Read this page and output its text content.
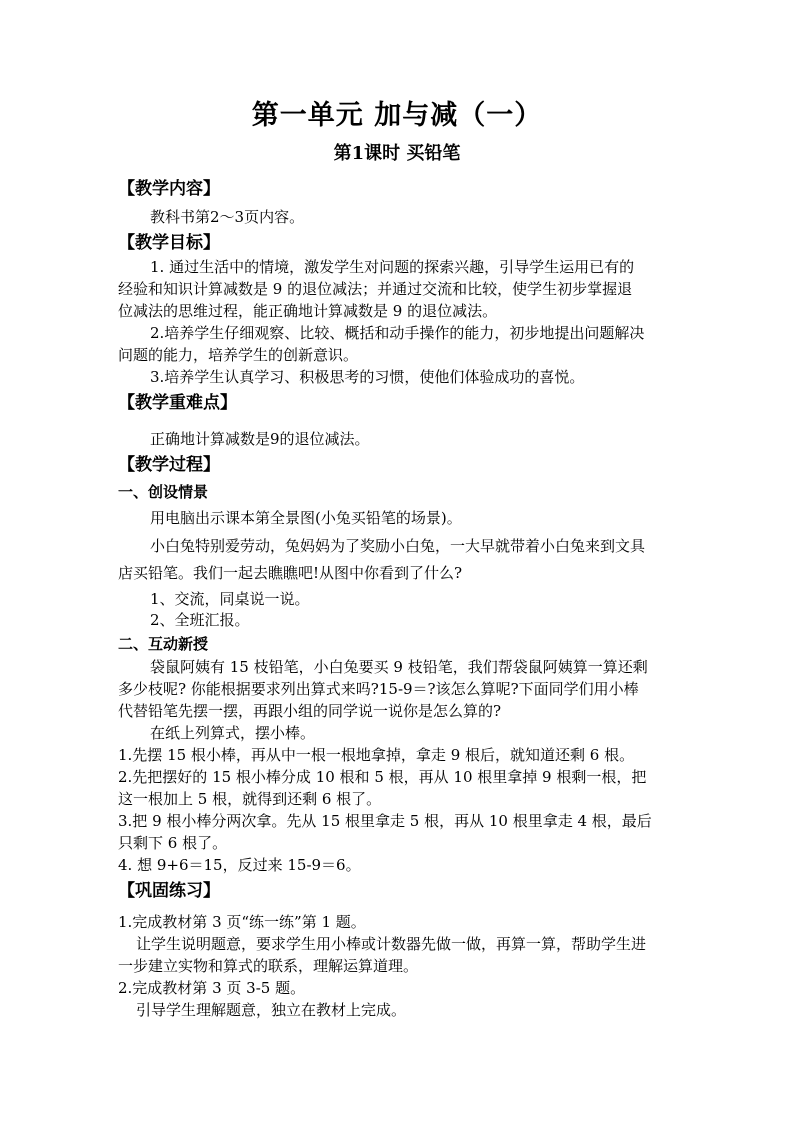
第一单元 加与减（一）
第1课时 买铅笔
【教学内容】
教科书第2～3页内容。
【教学目标】
1. 通过生活中的情境，激发学生对问题的探索兴趣，引导学生运用已有的
经验和知识计算减数是 9 的退位减法；并通过交流和比较，使学生初步掌握退
位减法的思维过程，能正确地计算减数是 9 的退位减法。
2.培养学生仔细观察、比较、概括和动手操作的能力，初步地提出问题解决
问题的能力，培养学生的创新意识。
3.培养学生认真学习、积极思考的习惯，使他们体验成功的喜悦。
【教学重难点】
正确地计算减数是9的退位减法。
【教学过程】
一、创设情景
用电脑出示课本第全景图(小兔买铅笔的场景)。
小白兔特别爱劳动，兔妈妈为了奖励小白兔，一大早就带着小白兔来到文具
店买铅笔。我们一起去瞧瞧吧!从图中你看到了什么?
1、交流，同桌说一说。
2、全班汇报。
二、互动新授
袋鼠阿姨有 15 枝铅笔，小白兔要买 9 枝铅笔，我们帮袋鼠阿姨算一算还剩
多少枝呢? 你能根据要求列出算式来吗?15-9＝?该怎么算呢?下面同学们用小棒
代替铅笔先摆一摆，再跟小组的同学说一说你是怎么算的?
在纸上列算式，摆小棒。
1.先摆 15 根小棒，再从中一根一根地拿掉，拿走 9 根后，就知道还剩 6 根。
2.先把摆好的 15 根小棒分成 10 根和 5 根，再从 10 根里拿掉 9 根剩一根，把
这一根加上 5 根，就得到还剩 6 根了。
3.把 9 根小棒分两次拿。先从 15 根里拿走 5 根，再从 10 根里拿走 4 根，最后
只剩下 6 根了。
4. 想 9+6＝15，反过来 15-9＝6。
【巩固练习】
1.完成教材第 3 页“练一练”第 1 题。
让学生说明题意，要求学生用小棒或计数器先做一做，再算一算，帮助学生进
一步建立实物和算式的联系，理解运算道理。
2.完成教材第 3 页 3-5 题。
引导学生理解题意，独立在教材上完成。
